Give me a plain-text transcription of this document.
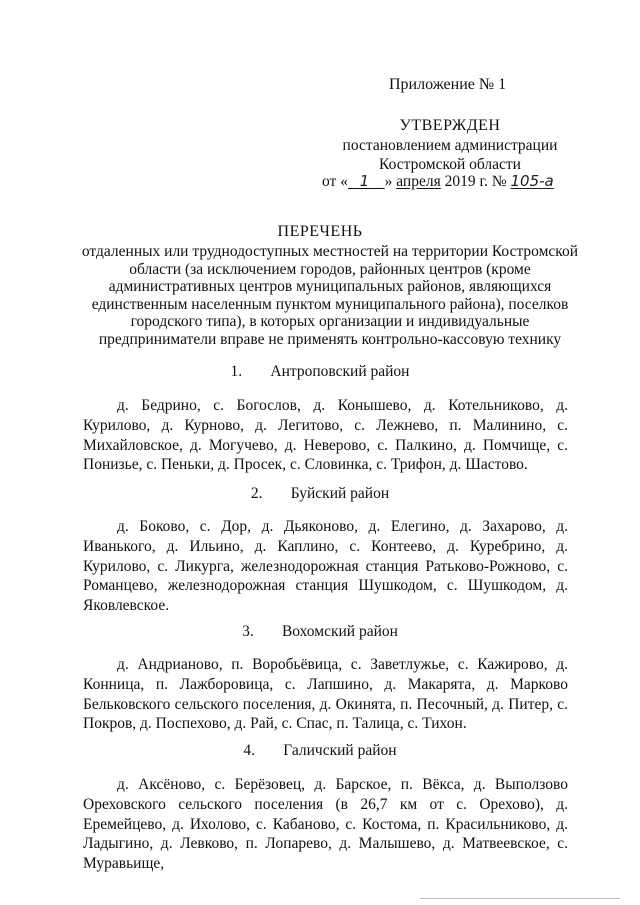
Приложение № 1
УТВЕРЖДЕН
постановлением администрации
Костромской области
от « 1 » апреля 2019 г. № 105-а
ПЕРЕЧЕНЬ
отдаленных или труднодоступных местностей на территории Костромской области (за исключением городов, районных центров (кроме административных центров муниципальных районов, являющихся единственным населенным пунктом муниципального района), поселков городского типа), в которых организации и индивидуальные предприниматели вправе не применять контрольно-кассовую технику
1. Антроповский район
д. Бедрино, с. Богослов, д. Конышево, д. Котельниково, д. Курилово, д. Курново, д. Легитово, с. Лежнево, п. Малинино, с. Михайловское, д. Могучево, д. Неверово, с. Палкино, д. Помчище, с. Понизье, с. Пеньки, д. Просек, с. Словинка, с. Трифон, д. Шастово.
2. Буйский район
д. Боково, с. Дор, д. Дьяконово, д. Елегино, д. Захарово, д. Иванького, д. Ильино, д. Каплино, с. Контеево, д. Куребрино, д. Курилово, с. Ликурга, железнодорожная станция Ратьково-Рожново, с. Романцево, железнодорожная станция Шушкодом, с. Шушкодом, д. Яковлевское.
3. Вохомский район
д. Андрианово, п. Воробьёвица, с. Заветлужье, с. Кажирово, д. Конница, п. Лажборовица, с. Лапшино, д. Макарята, д. Марково Бельковского сельского поселения, д. Окинята, п. Песочный, д. Питер, с. Покров, д. Поспехово, д. Рай, с. Спас, п. Талица, с. Тихон.
4. Галичский район
д. Аксёново, с. Берёзовец, д. Барское, п. Вёкса, д. Выползово Ореховского сельского поселения (в 26,7 км от с. Орехово), д. Еремейцево, д. Ихолово, с. Кабаново, с. Костома, п. Красильниково, д. Ладыгино, д. Левково, п. Лопарево, д. Малышево, д. Матвеевское, с. Муравьище,
